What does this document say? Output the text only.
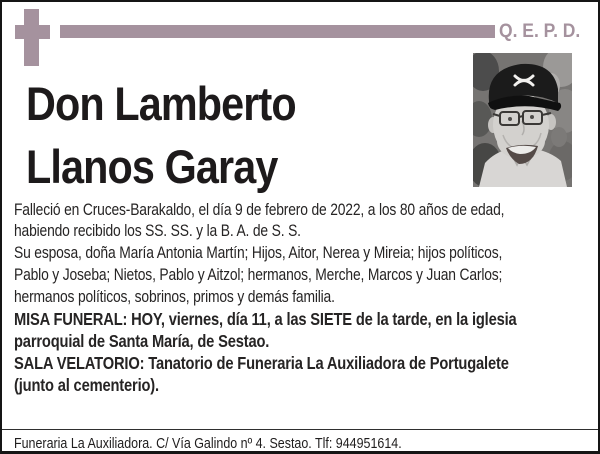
Q. E. P. D.
Don Lamberto
Llanos Garay

Falleció en Cruces-Barakaldo, el día 9 de febrero de 2022, a los 80 años de edad,
habiendo recibido los SS. SS. y la B. A. de S. S.

Su esposa, doña María Antonia Martín; Hijos, Aitor, Nerea y Mireia; hijos políticos,
Pablo y Joseba; Nietos, Pablo y Aitzol; hermanos, Merche, Marcos y Juan Carlos;
hermanos políticos, sobrinos, primos y demás familia.

MISA FUNERAL: HOY, viernes, día 11, a las SIETE de la tarde, en la iglesia
parroquial de Santa María, de Sestao.

SALA VELATORIO: Tanatorio de Funeraria La Auxiliadora de Portugalete
(junto al cementerio).

Funeraria La Auxiliadora. C/ Vía Galindo nº 4. Sestao. Tlf: 944951614.
